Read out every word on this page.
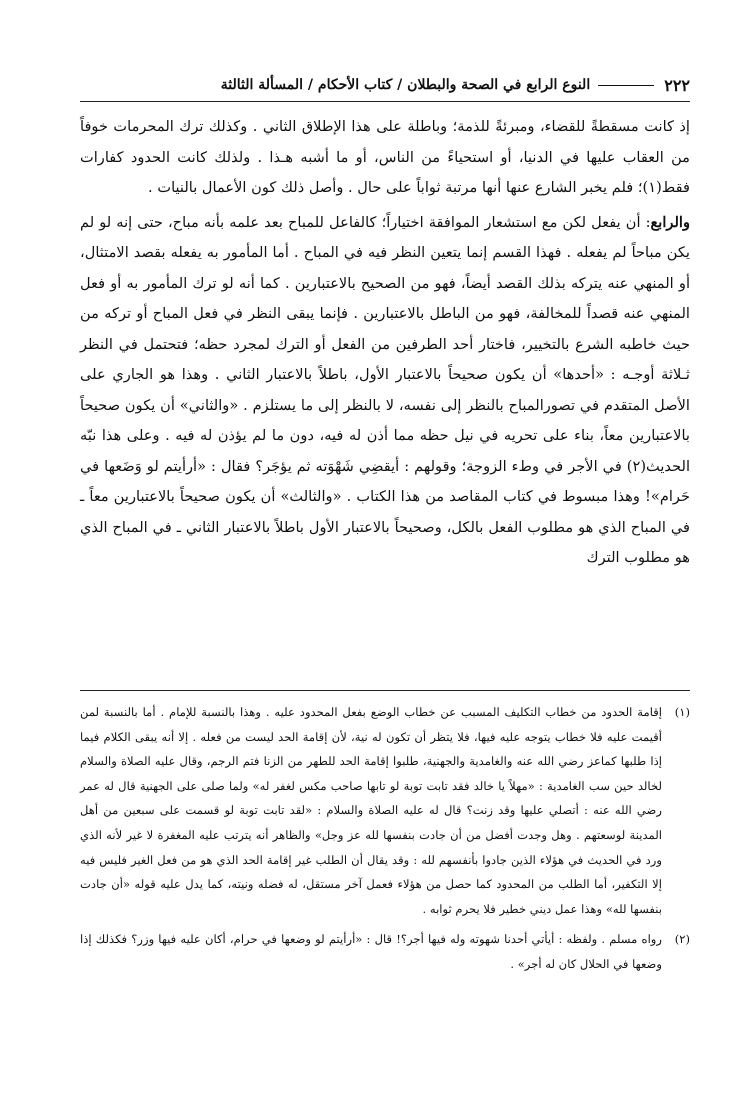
٢٢٢
النوع الرابع في الصحة والبطلان / كتاب الأحكام / المسألة الثالثة

إذ كانت مسقطةً للقضاء، ومبرئةً للذمة؛ وباطلة على هذا الإطلاق الثاني . وكذلك ترك المحرمات خوفاً من العقاب عليها في الدنيا، أو استحياءً من الناس، أو ما أشبه هـذا . ولذلك كانت الحدود كفارات فقط(١)؛ فلم يخبر الشارع عنها أنها مرتبة ثواباً على حال . وأصل ذلك كون الأعمال بالنيات .

والرابع: أن يفعل لكن مع استشعار الموافقة اختياراً؛ كالفاعل للمباح بعد علمه بأنه مباح، حتى إنه لو لم يكن مباحاً لم يفعله . فهذا القسم إنما يتعين النظر فيه في المباح . أما المأمور به يفعله بقصد الامتثال، أو المنهي عنه يتركه بذلك القصد أيضاً، فهو من الصحيح بالاعتبارين . كما أنه لو ترك المأمور به أو فعل المنهي عنه قصداً للمخالفة، فهو من الباطل بالاعتبارين . فإنما يبقى النظر في فعل المباح أو تركه من حيث خاطبه الشرع بالتخيير، فاختار أحد الطرفين من الفعل أو الترك لمجرد حظه؛ فتحتمل في النظر ثـلاثة أوجـه : «أحدها» أن يكون صحيحاً بالاعتبار الأول، باطلاً بالاعتبار الثاني . وهذا هو الجاري على الأصل المتقدم في تصورالمباح بالنظر إلى نفسه، لا بالنظر إلى ما يستلزم . «والثاني» أن يكون صحيحاً بالاعتبارين معاً، بناء على تحريه في نيل حظه مما أذن له فيه، دون ما لم يؤذن له فيه . وعلى هذا نبّه الحديث(٢) في الأجر في وطء الزوجة؛ وقولهم : أيقضِي شَهْوَته ثم يؤجَر؟ فقال : «أرأيتم لو وَضَعها في حَرام»! وهذا مبسوط في كتاب المقاصد من هذا الكتاب . «والثالث» أن يكون صحيحاً بالاعتبارين معاً ـ في المباح الذي هو مطلوب الفعل بالكل، وصحيحاً بالاعتبار الأول باطلاً بالاعتبار الثاني ـ في المباح الذي هو مطلوب الترك

(١)
إقامة الحدود من خطاب التكليف المسبب عن خطاب الوضع بفعل المحدود عليه . وهذا بالنسبة للإمام . أما بالنسبة لمن أقيمت عليه فلا خطاب يتوجه عليه فيها، فلا يتظر أن تكون له نية، لأن إقامة الحد ليست من فعله . إلا أنه يبقى الكلام فيما إذا طلبها كماعز رضي الله عنه والغامدية والجهنية، طلبوا إقامة الحد للطهر من الزنا فتم الرجم، وقال عليه الصلاة والسلام لخالد حين سب الغامدية : «مهلاً يا خالد فقد تابت توبة لو تابها صاحب مكس لغفر له» ولما صلى على الجهنية قال له عمر رضي الله عنه : أتصلي عليها وقد زنت؟ قال له عليه الصلاة والسلام : «لقد تابت توبة لو قسمت على سبعين من أهل المدينة لوسعتهم . وهل وجدت أفضل من أن جادت بنفسها لله عز وجل» والظاهر أنه يترتب عليه المغفرة لا غير لأنه الذي ورد في الحديث في هؤلاء الذين جادوا بأنفسهم لله : وقد يقال أن الطلب غير إقامة الحد الذي هو من فعل الغير فليس فيه إلا التكفير، أما الطلب من المحدود كما حصل من هؤلاء فعمل آخر مستقل، له فضله ونيته، كما يدل عليه قوله «أن جادت بنفسها لله» وهذا عمل ديني خطير فلا يحرم ثوابه .
(٢)
رواه مسلم . ولفظه : أيأتي أحدنا شهوته وله فيها أجر؟! قال : «أرأيتم لو وضعها في حرام، أكان عليه فيها وزر؟ فكذلك إذا وضعها في الحلال كان له أجر» .
